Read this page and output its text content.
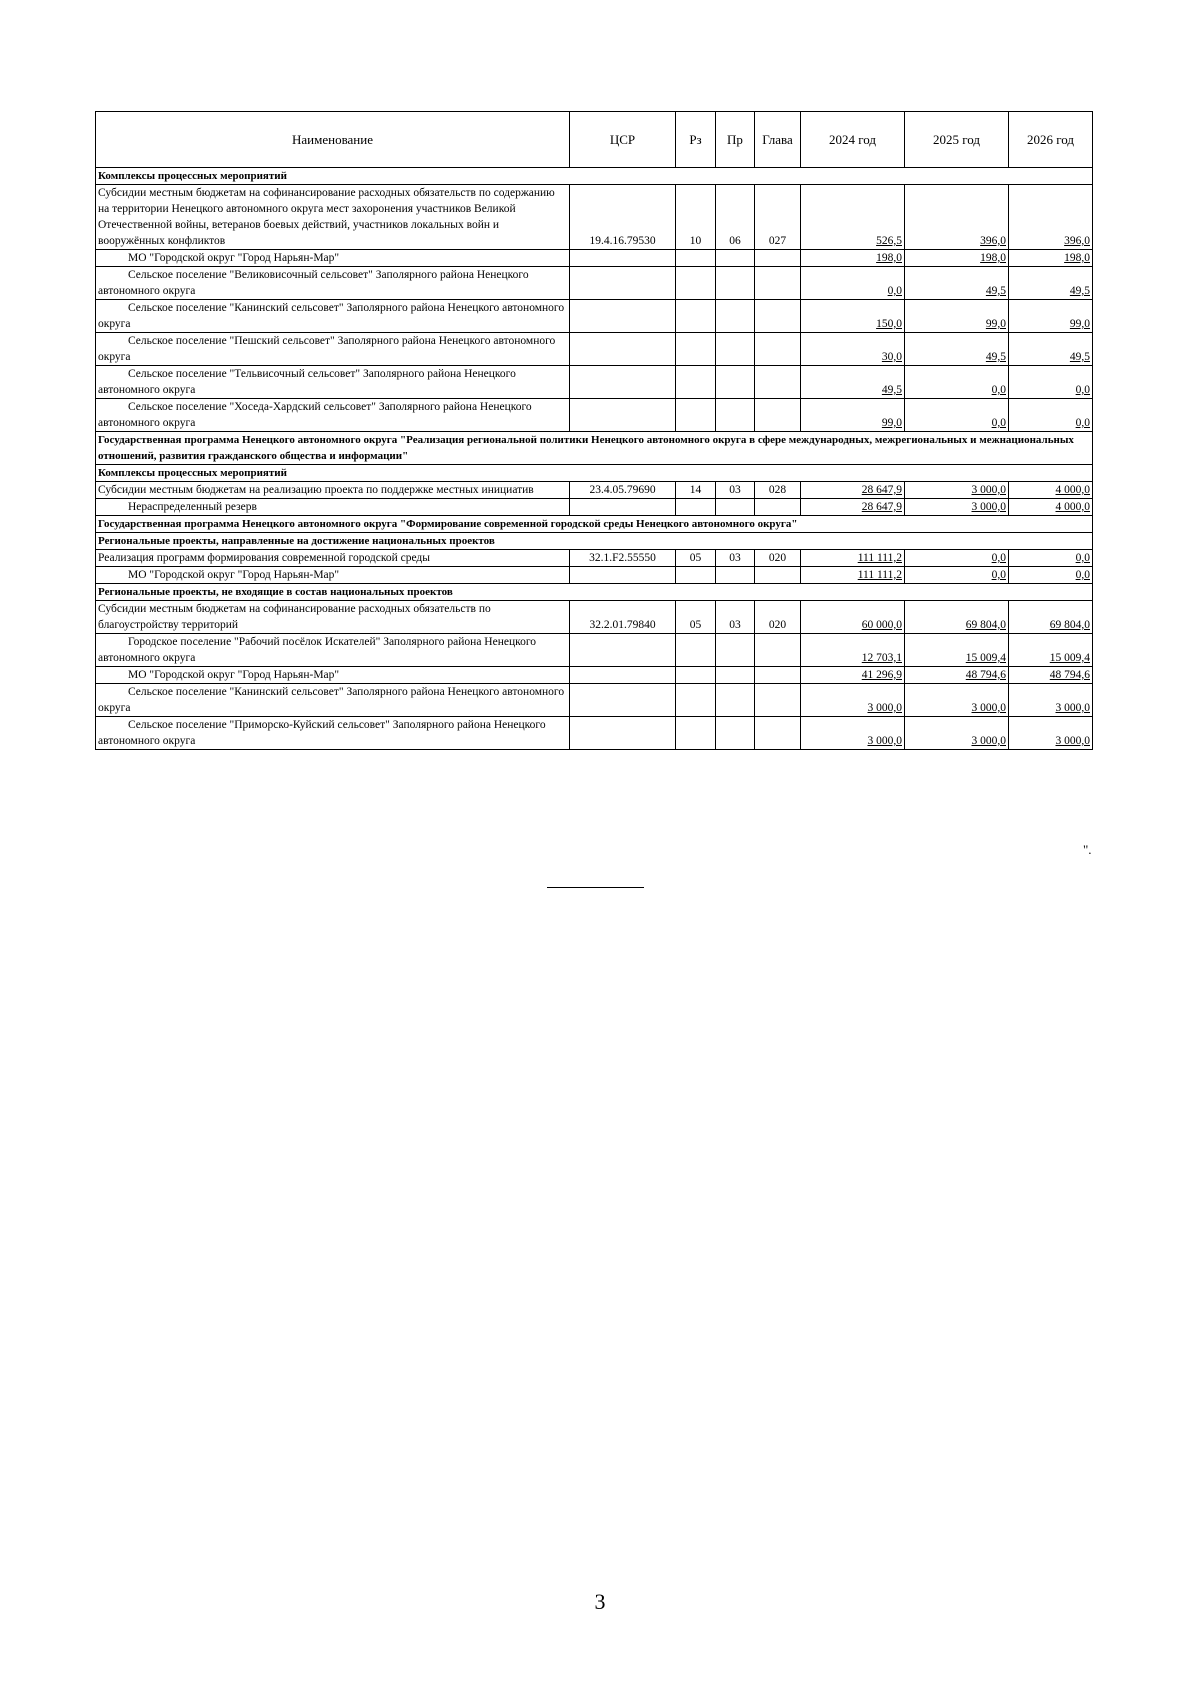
Наименование	ЦСР	Рз	Пр	Глава	2024 год	2025 год	2026 год
Комплексы процессных мероприятий							
Субсидии местным бюджетам на софинансирование расходных обязательств по содержанию на территории Ненецкого автономного округа мест захоронения участников Великой Отечественной войны, ветеранов боевых действий, участников локальных войн и вооружённых конфликтов	19.4.16.79530	10	06	027	526,5	396,0	396,0
МО "Городской округ "Город Нарьян-Мар"					198,0	198,0	198,0
Сельское поселение "Великовисочный сельсовет" Заполярного района Ненецкого автономного округа					0,0	49,5	49,5
Сельское поселение "Канинский сельсовет" Заполярного района Ненецкого автономного округа					150,0	99,0	99,0
Сельское поселение "Пешский сельсовет" Заполярного района Ненецкого автономного округа					30,0	49,5	49,5
Сельское поселение "Тельвисочный сельсовет" Заполярного района Ненецкого автономного округа					49,5	0,0	0,0
Сельское поселение "Хоседа-Хардский сельсовет" Заполярного района Ненецкого автономного округа					99,0	0,0	0,0
Государственная программа Ненецкого автономного округа "Реализация региональной политики Ненецкого автономного округа в сфере международных, межрегиональных и межнациональных отношений, развития гражданского общества и информации"							
Комплексы процессных мероприятий							
Субсидии местным бюджетам на реализацию проекта по поддержке местных инициатив	23.4.05.79690	14	03	028	28 647,9	3 000,0	4 000,0
Нераспределенный резерв					28 647,9	3 000,0	4 000,0
Государственная программа Ненецкого автономного округа "Формирование современной городской среды Ненецкого автономного округа"							
Региональные проекты, направленные на достижение национальных проектов							
Реализация программ формирования современной городской среды	32.1.F2.55550	05	03	020	111 111,2	0,0	0,0
МО "Городской округ "Город Нарьян-Мар"					111 111,2	0,0	0,0
Региональные проекты, не входящие в состав национальных проектов							
Субсидии местным бюджетам на софинансирование расходных обязательств по благоустройству территорий	32.2.01.79840	05	03	020	60 000,0	69 804,0	69 804,0
Городское поселение "Рабочий посёлок Искателей" Заполярного района Ненецкого автономного округа					12 703,1	15 009,4	15 009,4
МО "Городской округ "Город Нарьян-Мар"					41 296,9	48 794,6	48 794,6
Сельское поселение "Канинский сельсовет" Заполярного района Ненецкого автономного округа					3 000,0	3 000,0	3 000,0
Сельское поселение "Приморско-Куйский сельсовет" Заполярного района Ненецкого автономного округа					3 000,0	3 000,0	3 000,0
".
3
